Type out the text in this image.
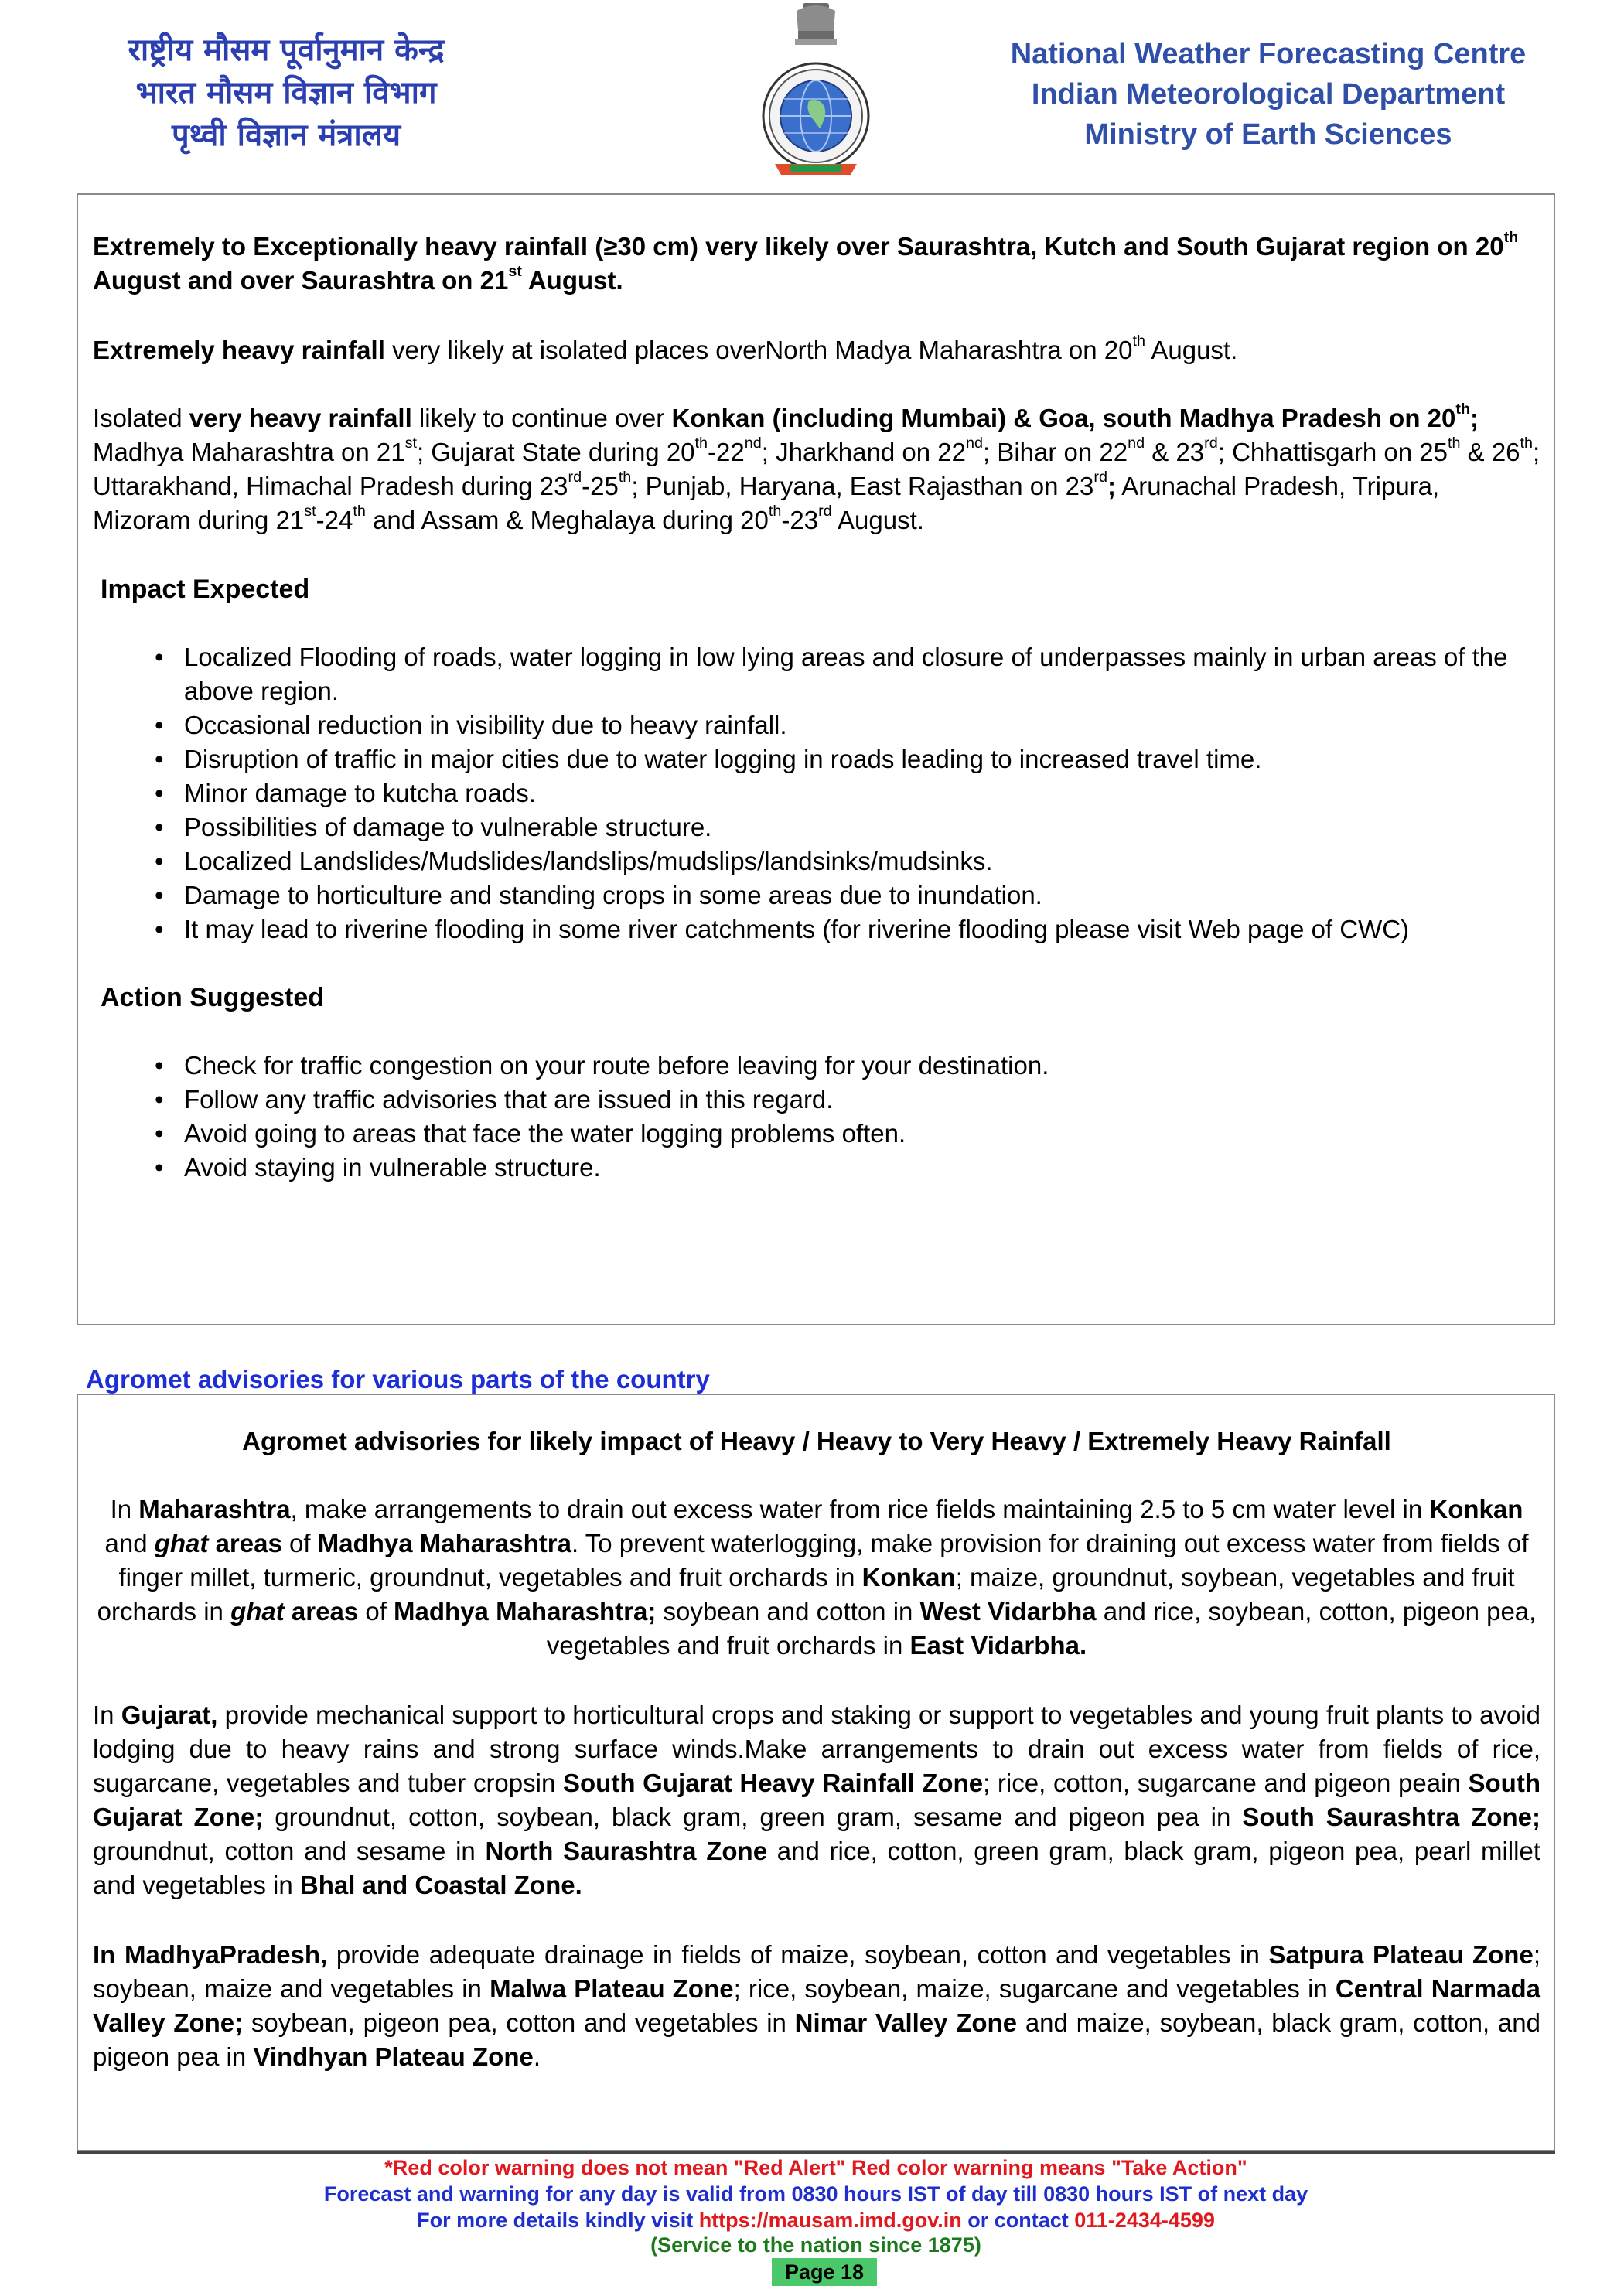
राष्ट्रीय मौसम पूर्वानुमान केन्द्र
भारत मौसम विज्ञान विभाग
पृथ्वी विज्ञान मंत्रालय
National Weather Forecasting Centre
Indian Meteorological Department
Ministry of Earth Sciences

Extremely to Exceptionally heavy rainfall (≥30 cm) very likely over Saurashtra, Kutch and South Gujarat region on 20th August and over Saurashtra on 21st August.

Extremely heavy rainfall very likely at isolated places overNorth Madya Maharashtra on 20th August.

Isolated very heavy rainfall likely to continue over Konkan (including Mumbai) & Goa, south Madhya Pradesh on 20th; Madhya Maharashtra on 21st; Gujarat State during 20th-22nd; Jharkhand on 22nd; Bihar on 22nd & 23rd; Chhattisgarh on 25th & 26th; Uttarakhand, Himachal Pradesh during 23rd-25th; Punjab, Haryana, East Rajasthan on 23rd; Arunachal Pradesh, Tripura, Mizoram during 21st-24th and Assam & Meghalaya during 20th-23rd August.

Impact Expected
• Localized Flooding of roads, water logging in low lying areas and closure of underpasses mainly in urban areas of the above region.
• Occasional reduction in visibility due to heavy rainfall.
• Disruption of traffic in major cities due to water logging in roads leading to increased travel time.
• Minor damage to kutcha roads.
• Possibilities of damage to vulnerable structure.
• Localized Landslides/Mudslides/landslips/mudslips/landsinks/mudsinks.
• Damage to horticulture and standing crops in some areas due to inundation.
• It may lead to riverine flooding in some river catchments (for riverine flooding please visit Web page of CWC)
Action Suggested
• Check for traffic congestion on your route before leaving for your destination.
• Follow any traffic advisories that are issued in this regard.
• Avoid going to areas that face the water logging problems often.
• Avoid staying in vulnerable structure.
Agromet advisories for various parts of the country

Agromet advisories for likely impact of Heavy / Heavy to Very Heavy / Extremely Heavy Rainfall

In Maharashtra, make arrangements to drain out excess water from rice fields maintaining 2.5 to 5 cm water level in Konkan and ghat areas of Madhya Maharashtra. To prevent waterlogging, make provision for draining out excess water from fields of finger millet, turmeric, groundnut, vegetables and fruit orchards in Konkan; maize, groundnut, soybean, vegetables and fruit orchards in ghat areas of Madhya Maharashtra; soybean and cotton in West Vidarbha and rice, soybean, cotton, pigeon pea, vegetables and fruit orchards in East Vidarbha.

In Gujarat, provide mechanical support to horticultural crops and staking or support to vegetables and young fruit plants to avoid lodging due to heavy rains and strong surface winds.Make arrangements to drain out excess water from fields of rice, sugarcane, vegetables and tuber cropsin South Gujarat Heavy Rainfall Zone; rice, cotton, sugarcane and pigeon peain South Gujarat Zone; groundnut, cotton, soybean, black gram, green gram, sesame and pigeon pea in South Saurashtra Zone; groundnut, cotton and sesame in North Saurashtra Zone and rice, cotton, green gram, black gram, pigeon pea, pearl millet and vegetables in Bhal and Coastal Zone.

In MadhyaPradesh, provide adequate drainage in fields of maize, soybean, cotton and vegetables in Satpura Plateau Zone; soybean, maize and vegetables in Malwa Plateau Zone; rice, soybean, maize, sugarcane and vegetables in Central Narmada Valley Zone; soybean, pigeon pea, cotton and vegetables in Nimar Valley Zone and maize, soybean, black gram, cotton, and pigeon pea in Vindhyan Plateau Zone.

*Red color warning does not mean "Red Alert" Red color warning means "Take Action"
Forecast and warning for any day is valid from 0830 hours IST of day till 0830 hours IST of next day
For more details kindly visit https://mausam.imd.gov.in or contact 011-2434-4599
(Service to the nation since 1875)
Page 18
